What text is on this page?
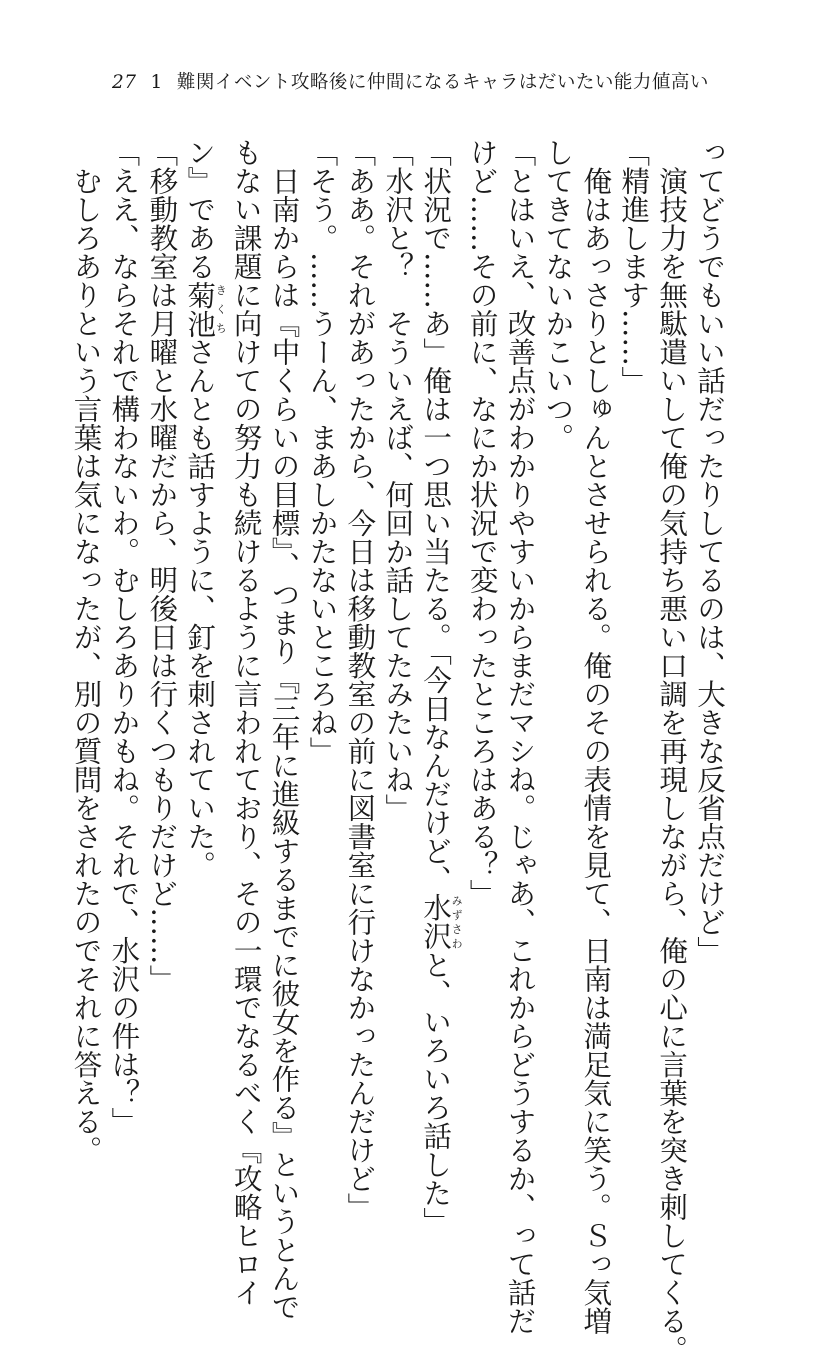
27 1 難関イベント攻略後に仲間になるキャラはだいたい能力値高い

ってどうでもいい話だったりしてるのは、大きな反省点だけど」

　演技力を無駄遣いして俺の気持ち悪い口調を再現しながら、俺の心に言葉を突き刺してくる。

「精進します……」

　俺はあっさりとしゅんとさせられる。俺のその表情を見て、日南は満足気に笑う。Ｓっ気増

してきてないかこいつ。

「とはいえ、改善点がわかりやすいからまだマシね。じゃあ、これからどうするか、って話だ

けど……その前に、なにか状況で変わったところはある？」

「状況で……あ」俺は一つ思い当たる。「今日なんだけど、水沢みずさわと、いろいろ話した」

「水沢と？　そういえば、何回か話してたみたいね」

「ああ。それがあったから、今日は移動教室の前に図書室に行けなかったんだけど」

「そう。……うーん、まあしかたないところね」

　日南からは『中くらいの目標』、つまり『三年に進級するまでに彼女を作る』というとんで

もない課題に向けての努力も続けるように言われており、その一環でなるべく『攻略ヒロイ

ン』である菊池きくちさんとも話すように、釘を刺されていた。

「移動教室は月曜と水曜だから、明後日は行くつもりだけど……」

「ええ、ならそれで構わないわ。むしろありかもね。それで、水沢の件は？」

　むしろありという言葉は気になったが、別の質問をされたのでそれに答える。
